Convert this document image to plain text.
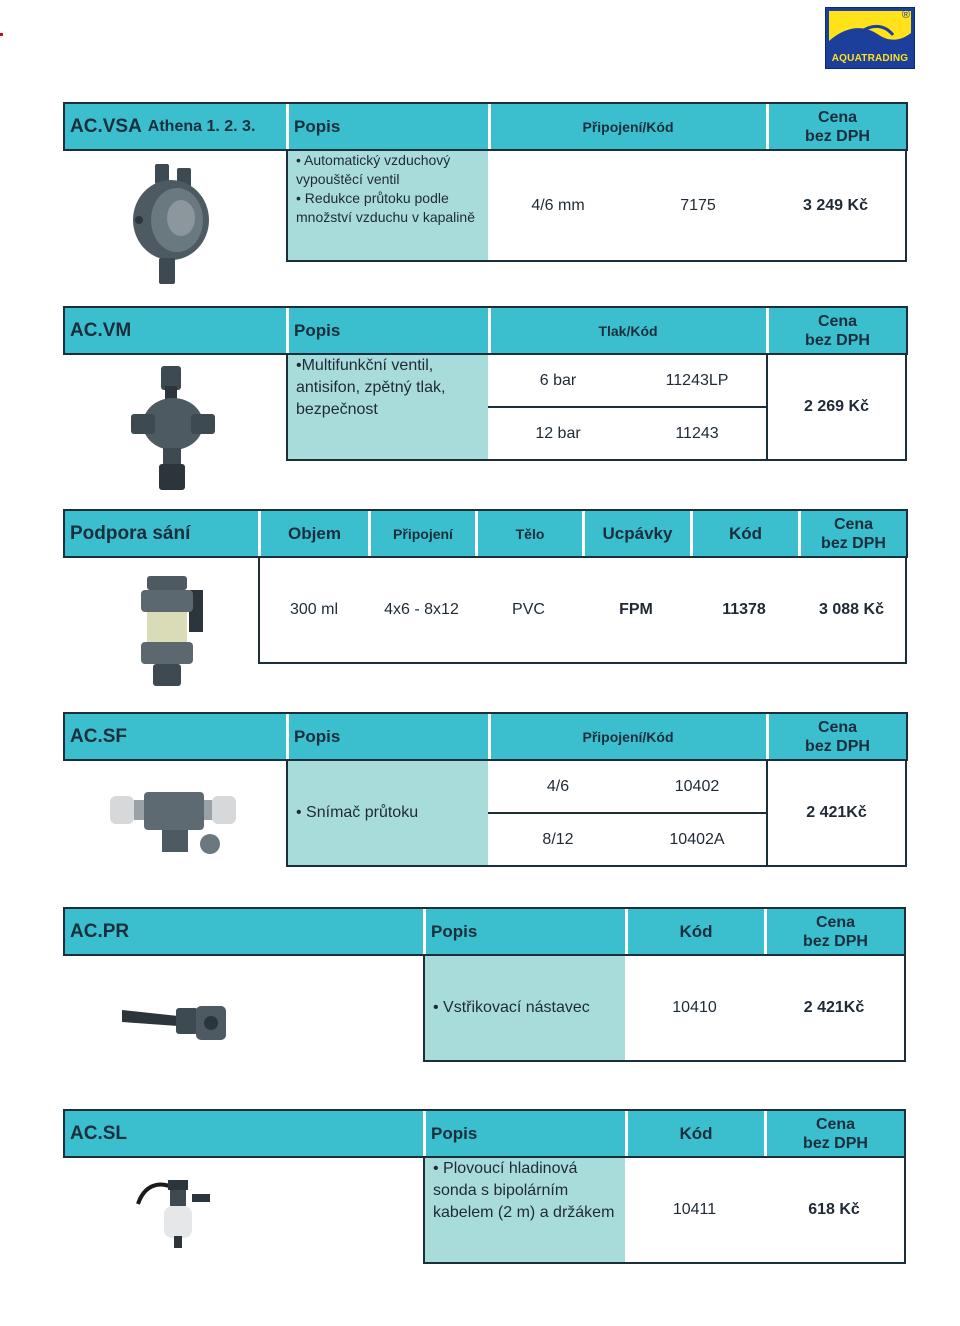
®
AQUATRADING
AC.VSA Athena 1. 2. 3. Popis	Připojení/Kód
Cena
bez DPH
• Automatický vzduchový
vypouštěcí ventil
• Redukce průtoku podle
množství vzduchu v kapalině
4/6 mm	7175	3 249 Kč
AC.VM	Popis	Tlak/Kód
Cena
bez DPH
•Multifunkční ventil,
antisifon, zpětný tlak,
bezpečnost
6 bar	11243LP
12 bar	11243
2 269 Kč
Podpora sání	Objem	Připojení	Tělo	Ucpávky	Kód	Cena
bez DPH
300 ml	4x6 - 8x12	PVC	FPM	11378	3 088 Kč
AC.SF	Popis	Připojení/Kód
Cena
bez DPH
• Snímač průtoku
4/6	10402
8/12	10402A
2 421Kč
AC.PR	Popis	Kód	Cena
bez DPH
• Vstřikovací nástavec	10410	2 421Kč
AC.SL	Popis	Kód	Cena
bez DPH
• Plovoucí hladinová
sonda s bipolárním
kabelem (2 m) a držákem	10411	618 Kč
